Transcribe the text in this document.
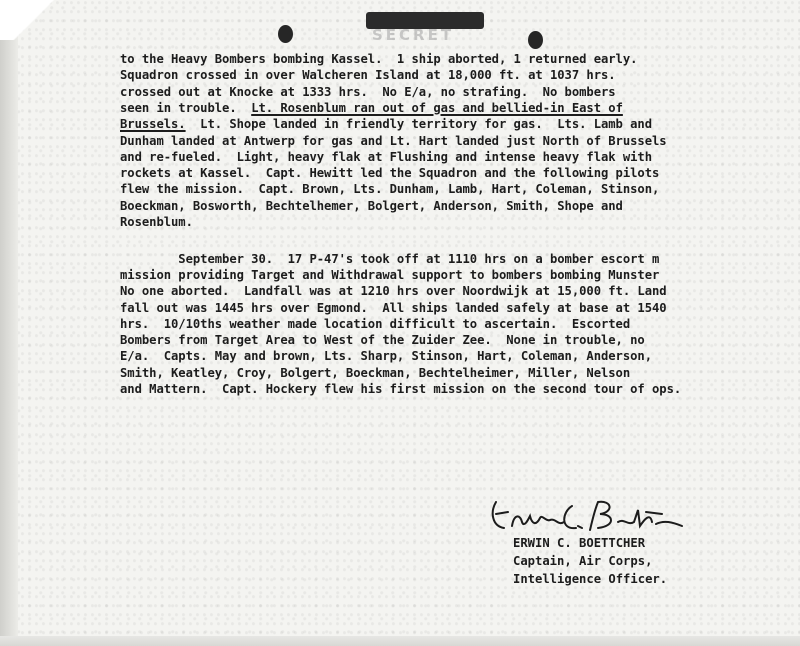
SECRET
to the Heavy Bombers bombing Kassel.  1 ship aborted, 1 returned early.
Squadron crossed in over Walcheren Island at 18,000 ft. at 1037 hrs.
crossed out at Knocke at 1333 hrs.  No E/a, no strafing.  No bombers
seen in trouble.  Lt. Rosenblum ran out of gas and bellied-in East of
Brussels.  Lt. Shope landed in friendly territory for gas.  Lts. Lamb and
Dunham landed at Antwerp for gas and Lt. Hart landed just North of Brussels
and re-fueled.  Light, heavy flak at Flushing and intense heavy flak with
rockets at Kassel.  Capt. Hewitt led the Squadron and the following pilots
flew the mission.  Capt. Brown, Lts. Dunham, Lamb, Hart, Coleman, Stinson,
Boeckman, Bosworth, Bechtelhemer, Bolgert, Anderson, Smith, Shope and
Rosenblum.
September 30.  17 P-47's took off at 1110 hrs on a bomber escort m
mission providing Target and Withdrawal support to bombers bombing Munster
No one aborted.  Landfall was at 1210 hrs over Noordwijk at 15,000 ft. Land
fall out was 1445 hrs over Egmond.  All ships landed safely at base at 1540
hrs.  10/10ths weather made location difficult to ascertain.  Escorted
Bombers from Target Area to West of the Zuider Zee.  None in trouble, no
E/a.  Capts. May and brown, Lts. Sharp, Stinson, Hart, Coleman, Anderson,
Smith, Keatley, Croy, Bolgert, Boeckman, Bechtelheimer, Miller, Nelson
and Mattern.  Capt. Hockery flew his first mission on the second tour of ops.
ERWIN C. BOETTCHER
Captain, Air Corps,
Intelligence Officer.
